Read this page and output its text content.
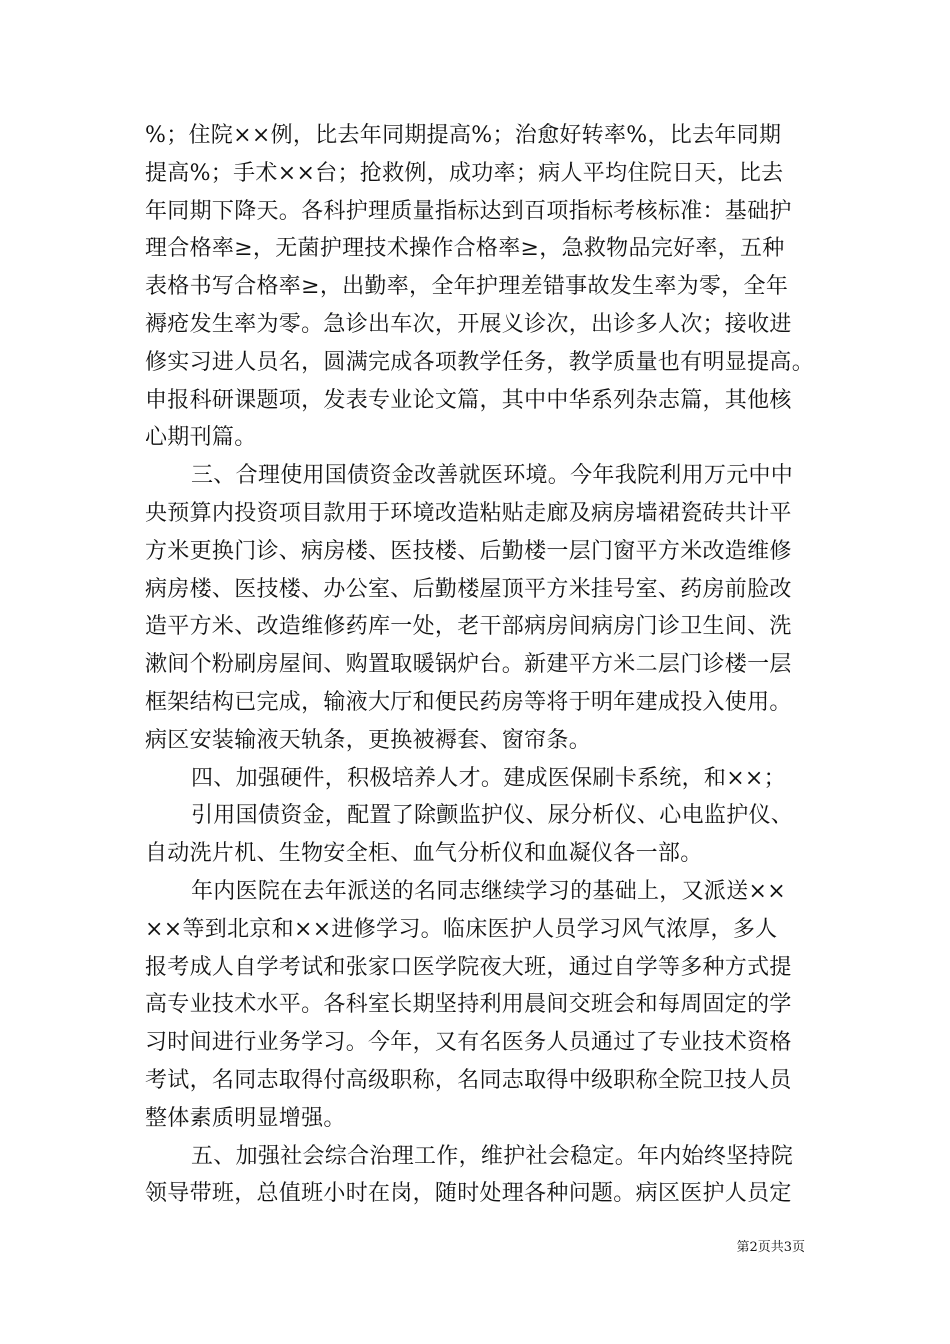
%；住院××例，比去年同期提高%；治愈好转率%，比去年同期
提高%；手术××台；抢救例，成功率；病人平均住院日天，比去
年同期下降天。各科护理质量指标达到百项指标考核标准：基础护
理合格率≥，无菌护理技术操作合格率≥，急救物品完好率，五种
表格书写合格率≥，出勤率，全年护理差错事故发生率为零，全年
褥疮发生率为零。急诊出车次，开展义诊次，出诊多人次；接收进
修实习进人员名，圆满完成各项教学任务，教学质量也有明显提高。
申报科研课题项，发表专业论文篇，其中中华系列杂志篇，其他核
心期刊篇。
三、合理使用国债资金改善就医环境。今年我院利用万元中中
央预算内投资项目款用于环境改造粘贴走廊及病房墙裙瓷砖共计平
方米更换门诊、病房楼、医技楼、后勤楼一层门窗平方米改造维修
病房楼、医技楼、办公室、后勤楼屋顶平方米挂号室、药房前脸改
造平方米、改造维修药库一处，老干部病房间病房门诊卫生间、洗
漱间个粉刷房屋间、购置取暖锅炉台。新建平方米二层门诊楼一层
框架结构已完成，输液大厅和便民药房等将于明年建成投入使用。
病区安装输液天轨条，更换被褥套、窗帘条。
四、加强硬件，积极培养人才。建成医保刷卡系统，和××；
引用国债资金，配置了除颤监护仪、尿分析仪、心电监护仪、
自动洗片机、生物安全柜、血气分析仪和血凝仪各一部。
年内医院在去年派送的名同志继续学习的基础上，又派送××
××等到北京和××进修学习。临床医护人员学习风气浓厚，多人
报考成人自学考试和张家口医学院夜大班，通过自学等多种方式提
高专业技术水平。各科室长期坚持利用晨间交班会和每周固定的学
习时间进行业务学习。今年，又有名医务人员通过了专业技术资格
考试，名同志取得付高级职称，名同志取得中级职称全院卫技人员
整体素质明显增强。
五、加强社会综合治理工作，维护社会稳定。年内始终坚持院
领导带班，总值班小时在岗，随时处理各种问题。病区医护人员定
第2页共3页
